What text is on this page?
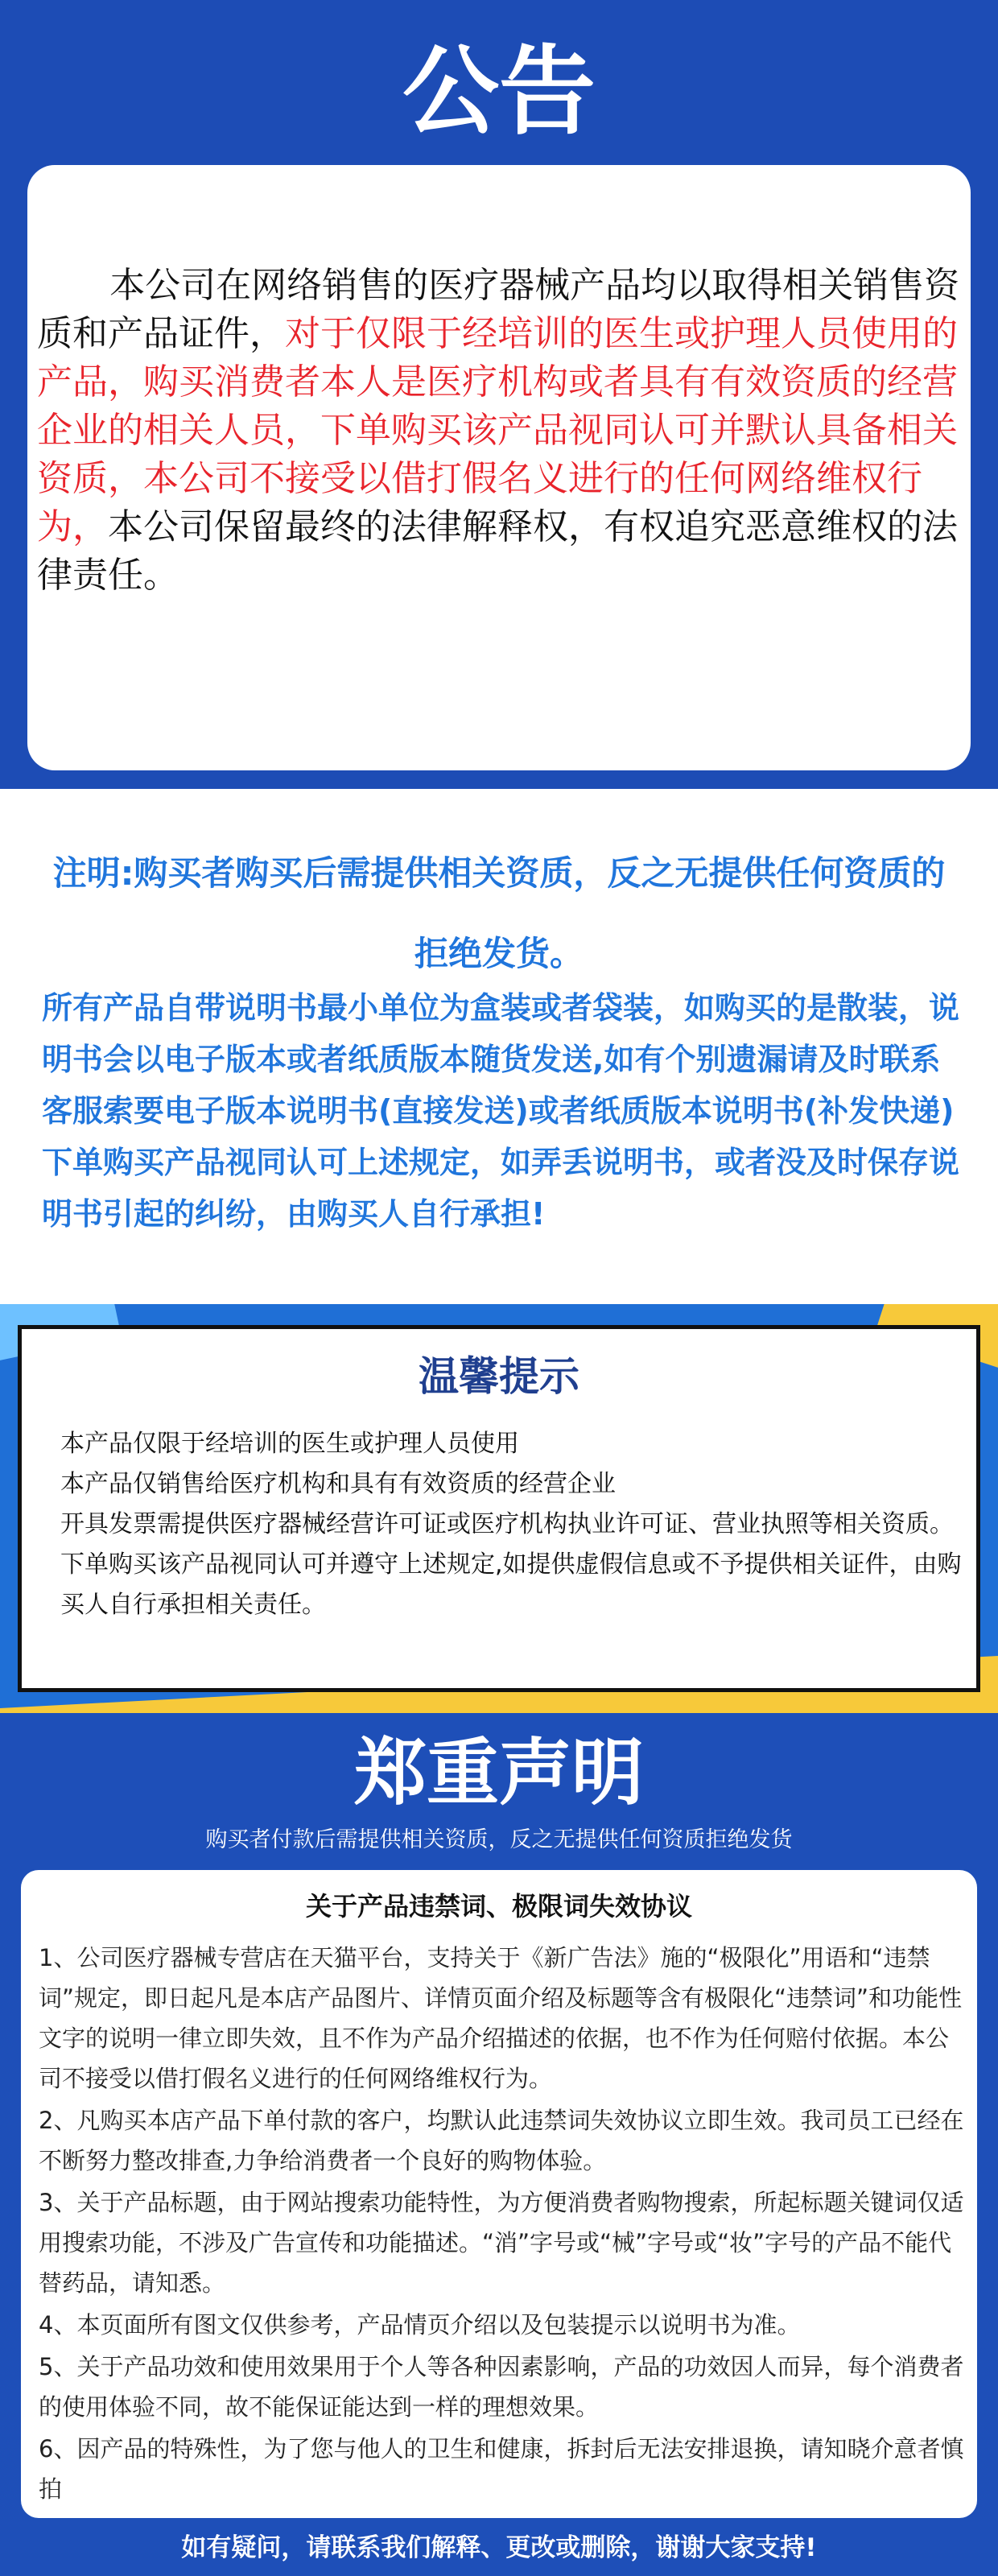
公告

本公司在网络销售的医疗器械产品均以取得相关销售资质和产品证件，对于仅限于经培训的医生或护理人员使用的产品，购买消费者本人是医疗机构或者具有有效资质的经营企业的相关人员，下单购买该产品视同认可并默认具备相关资质，本公司不接受以借打假名义进行的任何网络维权行为，本公司保留最终的法律解释权，有权追究恶意维权的法律责任。

注明:购买者购买后需提供相关资质，反之无提供任何资质的拒绝发货。

所有产品自带说明书最小单位为盒装或者袋装，如购买的是散装，说明书会以电子版本或者纸质版本随货发送,如有个别遗漏请及时联系客服索要电子版本说明书(直接发送)或者纸质版本说明书(补发快递)下单购买产品视同认可上述规定，如弄丢说明书，或者没及时保存说明书引起的纠纷，由购买人自行承担!

温馨提示
本产品仅限于经培训的医生或护理人员使用
本产品仅销售给医疗机构和具有有效资质的经营企业
开具发票需提供医疗器械经营许可证或医疗机构执业许可证、营业执照等相关资质。
下单购买该产品视同认可并遵守上述规定,如提供虚假信息或不予提供相关证件，由购买人自行承担相关责任。
郑重声明

购买者付款后需提供相关资质，反之无提供任何资质拒绝发货

关于产品违禁词、极限词失效协议
1、公司医疗器械专营店在天猫平台，支持关于《新广告法》施的“极限化”用语和“违禁词”规定，即日起凡是本店产品图片、详情页面介绍及标题等含有极限化“违禁词”和功能性文字的说明一律立即失效，且不作为产品介绍描述的依据，也不作为任何赔付依据。本公司不接受以借打假名义进行的任何网络维权行为。
2、凡购买本店产品下单付款的客户，均默认此违禁词失效协议立即生效。我司员工已经在不断努力整改排查,力争给消费者一个良好的购物体验。
3、关于产品标题，由于网站搜索功能特性，为方便消费者购物搜索，所起标题关键词仅适用搜索功能，不涉及广告宣传和功能描述。“消”字号或“械”字号或“妆”字号的产品不能代替药品，请知悉。
4、本页面所有图文仅供参考，产品情页介绍以及包装提示以说明书为准。
5、关于产品功效和使用效果用于个人等各种因素影响，产品的功效因人而异，每个消费者的使用体验不同，故不能保证能达到一样的理想效果。
6、因产品的特殊性，为了您与他人的卫生和健康，拆封后无法安排退换，请知晓介意者慎拍

如有疑问，请联系我们解释、更改或删除，谢谢大家支持!
